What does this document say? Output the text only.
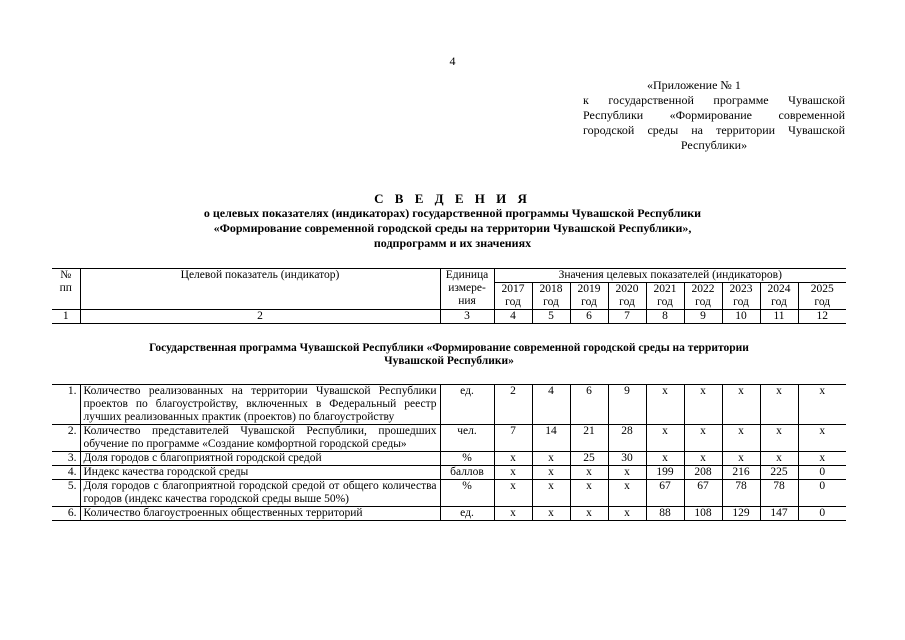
4
«Приложение № 1
к государственной программе Чувашской
Республики «Формирование современной
городской среды на территории Чувашской
Республики»
С В Е Д Е Н И Я
о целевых показателях (индикаторах) государственной программы Чувашской Республики
«Формирование современной городской среды на территории Чувашской Республики»,
подпрограмм и их значениях
№ пп	Целевой показатель (индикатор)	Единица измере-ния	Значения целевых показателей (индикаторов)								
			2017 год	2018 год	2019 год	2020 год	2021 год	2022 год	2023 год	2024 год	2025 год
1	2	3	4	5	6	7	8	9	10	11	12
Государственная программа Чувашской Республики «Формирование современной городской среды на территории Чувашской Республики»											
1.	Количество реализованных на территории Чувашской Республики проектов по благоустройству, включенных в Федеральный реестр лучших реализованных практик (проектов) по благоустройству	ед.	2	4	6	9	x	x	x	x	x
2.	Количество представителей Чувашской Республики, прошедших обучение по программе «Создание комфортной городской среды»	чел.	7	14	21	28	x	x	x	x	x
3.	Доля городов с благоприятной городской средой	%	x	x	25	30	x	x	x	x	x
4.	Индекс качества городской среды	баллов	x	x	x	x	199	208	216	225	0
5.	Доля городов с благоприятной городской средой от общего количества городов (индекс качества городской среды выше 50%)	%	x	x	x	x	67	67	78	78	0
6.	Количество благоустроенных общественных территорий	ед.	x	x	x	x	88	108	129	147	0
